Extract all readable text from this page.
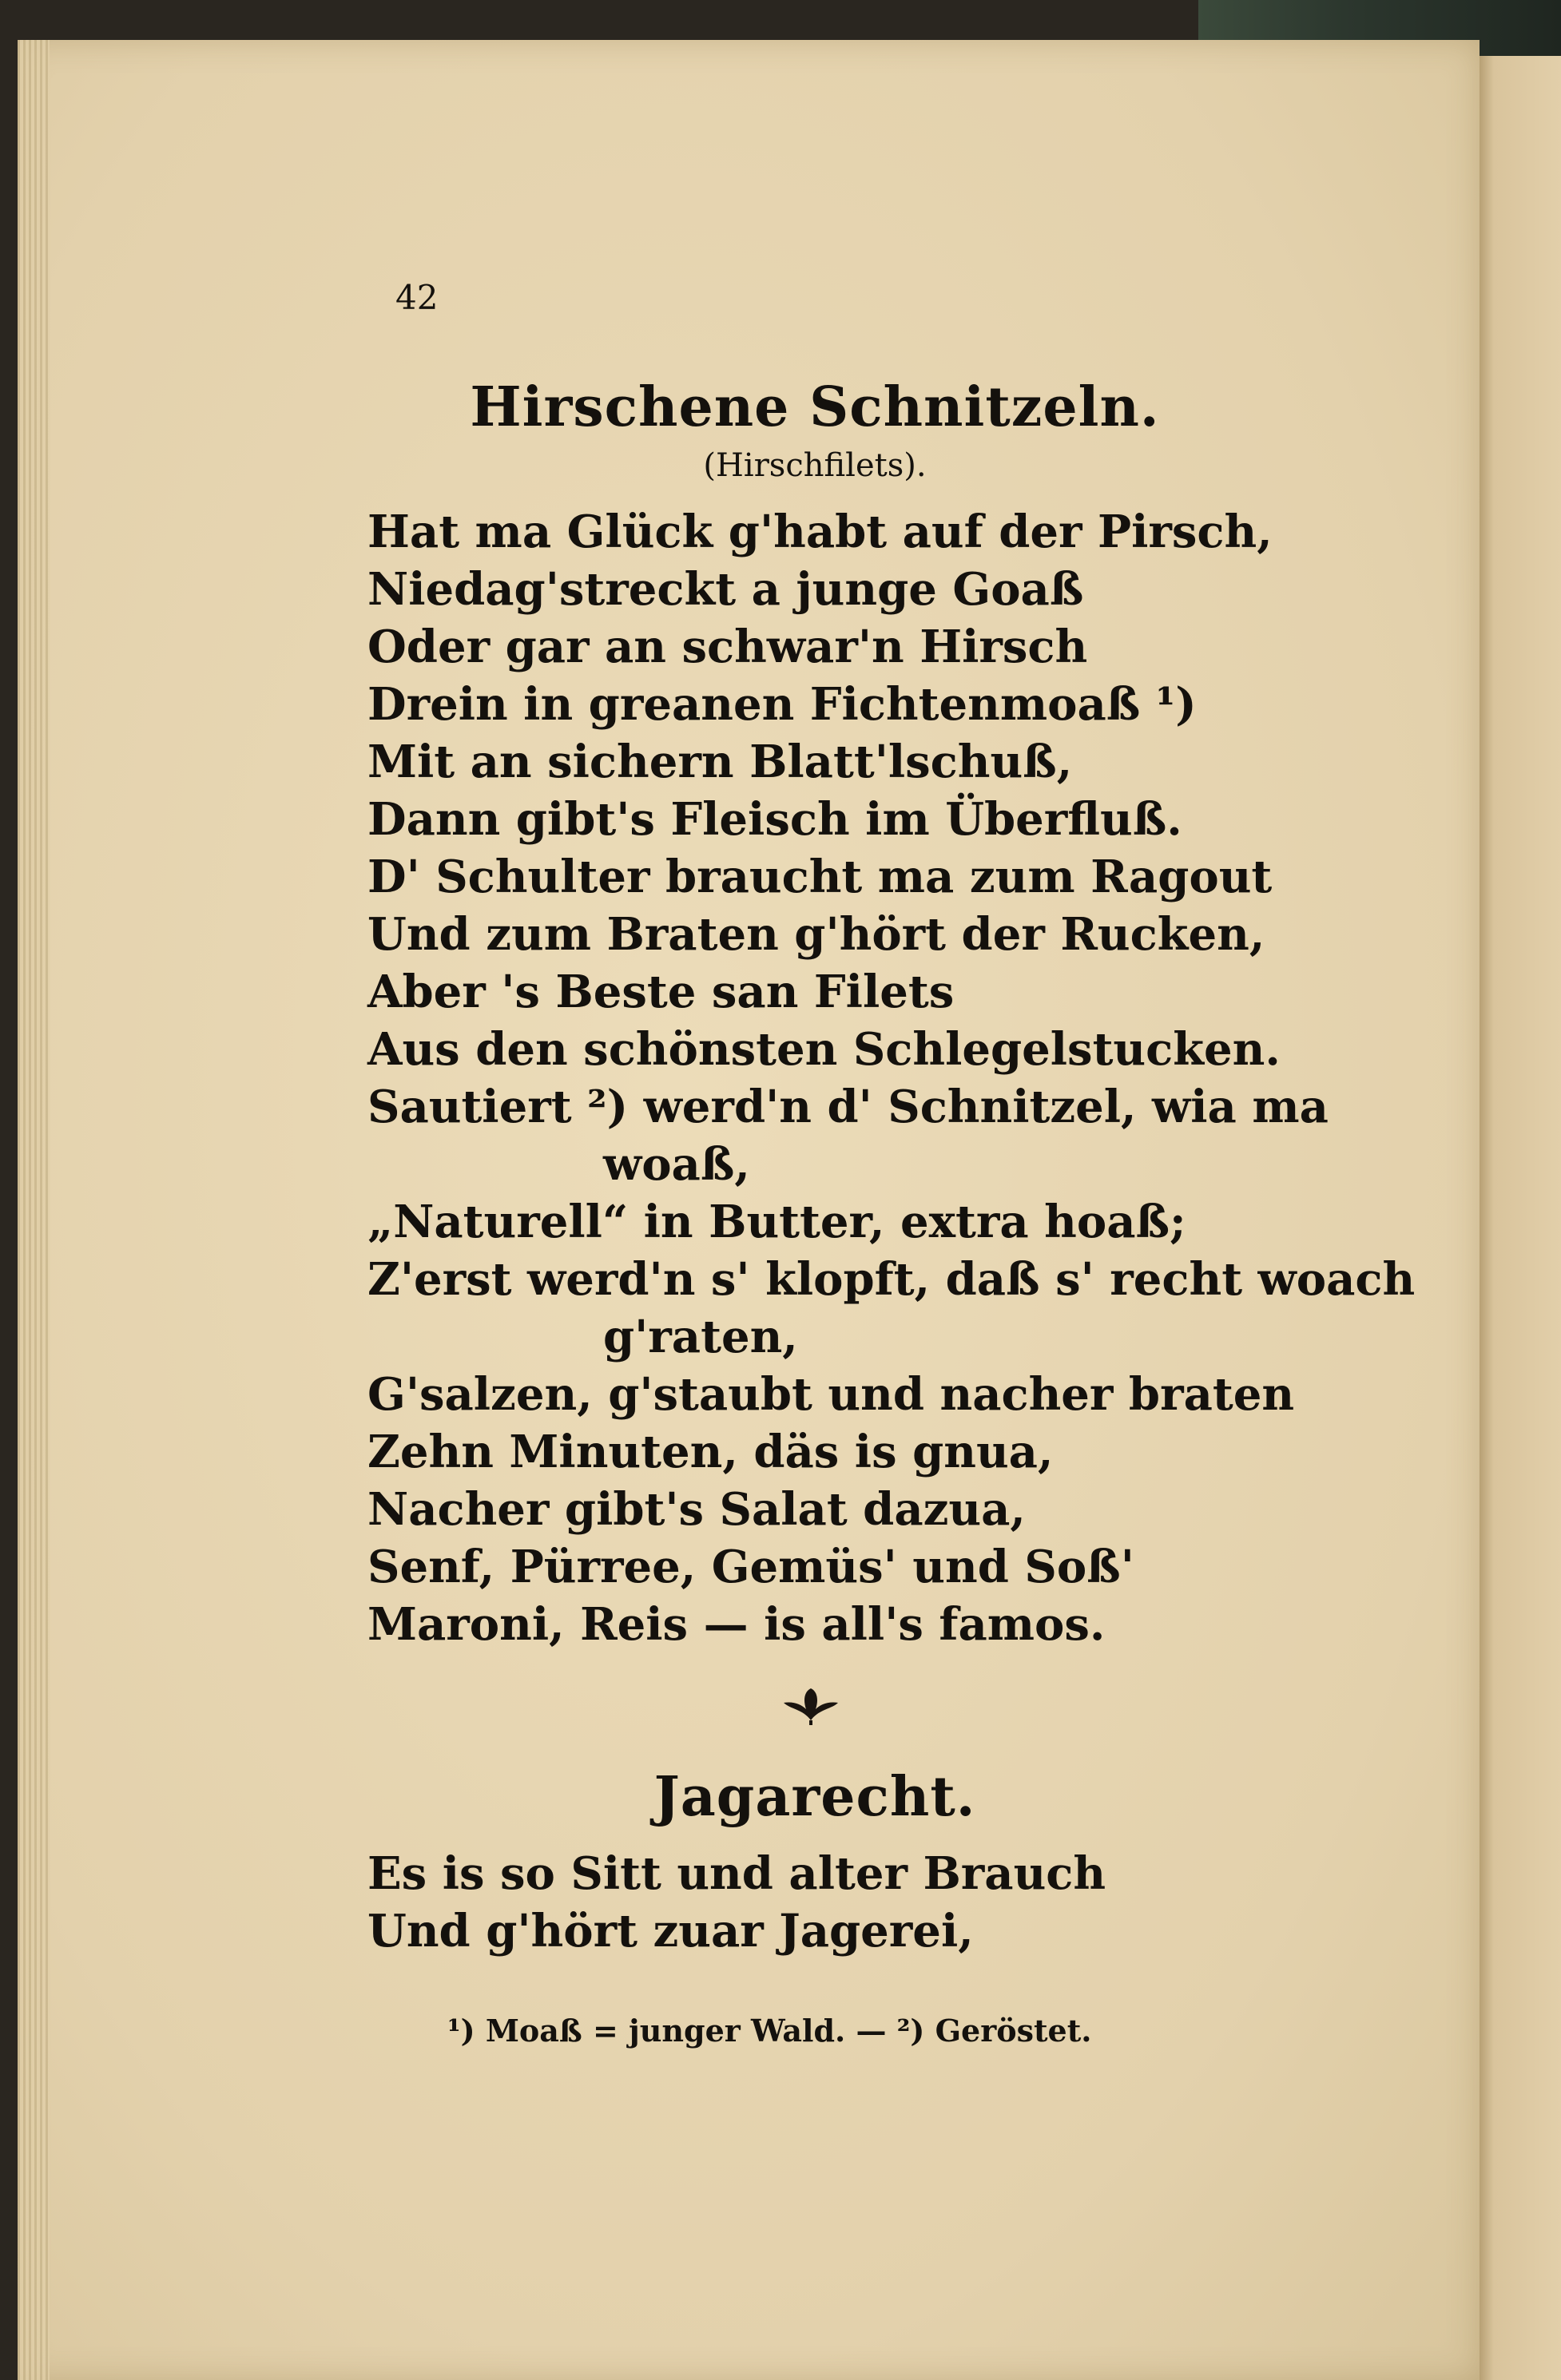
42

Hirschene Schnitzeln.

(Hirschfilets).

Hat ma Glück g'habt auf der Pirsch,
Niedag'streckt a junge Goaß
Oder gar an schwar'n Hirsch
Drein in greanen Fichtenmoaß ¹)
Mit an sichern Blatt'lschuß,
Dann gibt's Fleisch im Überfluß.
D' Schulter braucht ma zum Ragout
Und zum Braten g'hört der Rucken,
Aber 's Beste san Filets
Aus den schönsten Schlegelstucken.
Sautiert ²) werd'n d' Schnitzel, wia ma
woaß,
„Naturell“ in Butter, extra hoaß;
Z'erst werd'n s' klopft, daß s' recht woach
g'raten,
G'salzen, g'staubt und nacher braten
Zehn Minuten, däs is gnua,
Nacher gibt's Salat dazua,
Senf, Pürree, Gemüs' und Soß'
Maroni, Reis — is all's famos.
Jagarecht.
Es is so Sitt und alter Brauch
Und g'hört zuar Jagerei,

¹) Moaß = junger Wald. — ²) Geröstet.
